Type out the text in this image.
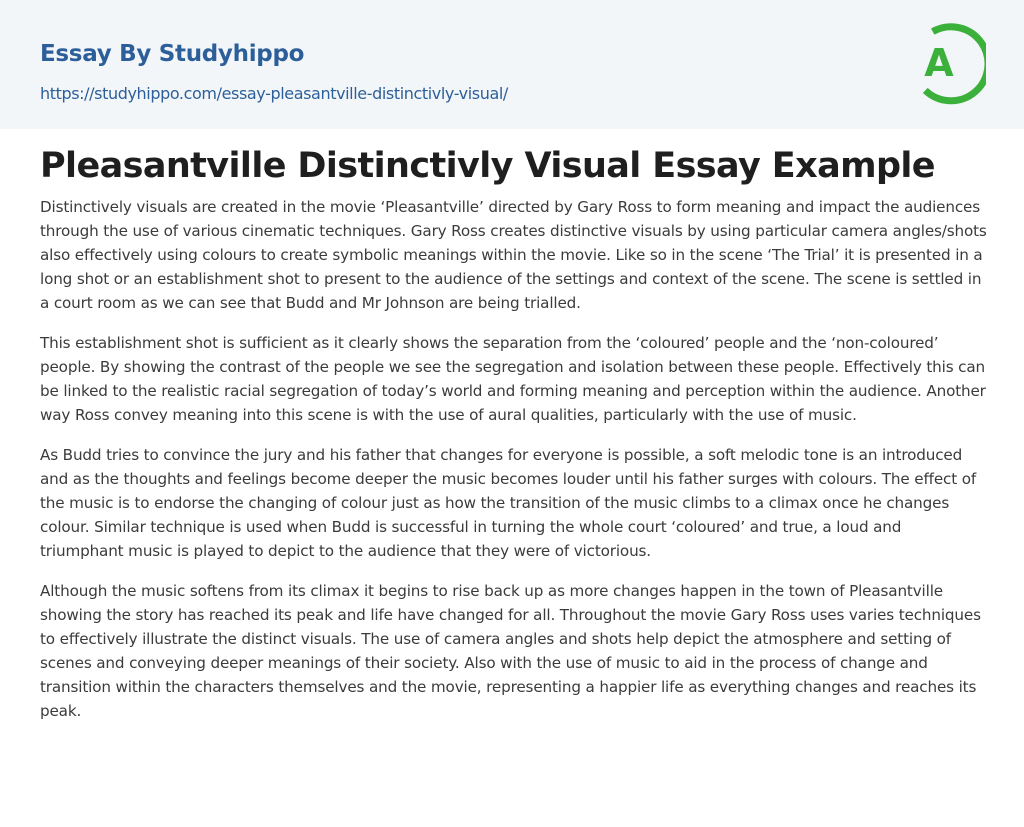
Essay By Studyhippo
https://studyhippo.com/essay-pleasantville-distinctivly-visual/
A
Pleasantville Distinctivly Visual Essay Example

Distinctively visuals are created in the movie ‘Pleasantville’ directed by Gary Ross to form meaning and impact the audiences through the use of various cinematic techniques. Gary Ross creates distinctive visuals by using particular camera angles/shots also effectively using colours to create symbolic meanings within the movie. Like so in the scene ‘The Trial’ it is presented in a long shot or an establishment shot to present to the audience of the settings and context of the scene. The scene is settled in a court room as we can see that Budd and Mr Johnson are being trialled.

This establishment shot is sufficient as it clearly shows the separation from the ‘coloured’ people and the ‘non-coloured’ people. By showing the contrast of the people we see the segregation and isolation between these people. Effectively this can be linked to the realistic racial segregation of today’s world and forming meaning and perception within the audience. Another way Ross convey meaning into this scene is with the use of aural qualities, particularly with the use of music.

As Budd tries to convince the jury and his father that changes for everyone is possible, a soft melodic tone is an introduced and as the thoughts and feelings become deeper the music becomes louder until his father surges with colours. The effect of the music is to endorse the changing of colour just as how the transition of the music climbs to a climax once he changes colour. Similar technique is used when Budd is successful in turning the whole court ‘coloured’ and true, a loud and triumphant music is played to depict to the audience that they were of victorious.

Although the music softens from its climax it begins to rise back up as more changes happen in the town of Pleasantville showing the story has reached its peak and life have changed for all. Throughout the movie Gary Ross uses varies techniques to effectively illustrate the distinct visuals. The use of camera angles and shots help depict the atmosphere and setting of scenes and conveying deeper meanings of their society. Also with the use of music to aid in the process of change and transition within the characters themselves and the movie, representing a happier life as everything changes and reaches its peak.
